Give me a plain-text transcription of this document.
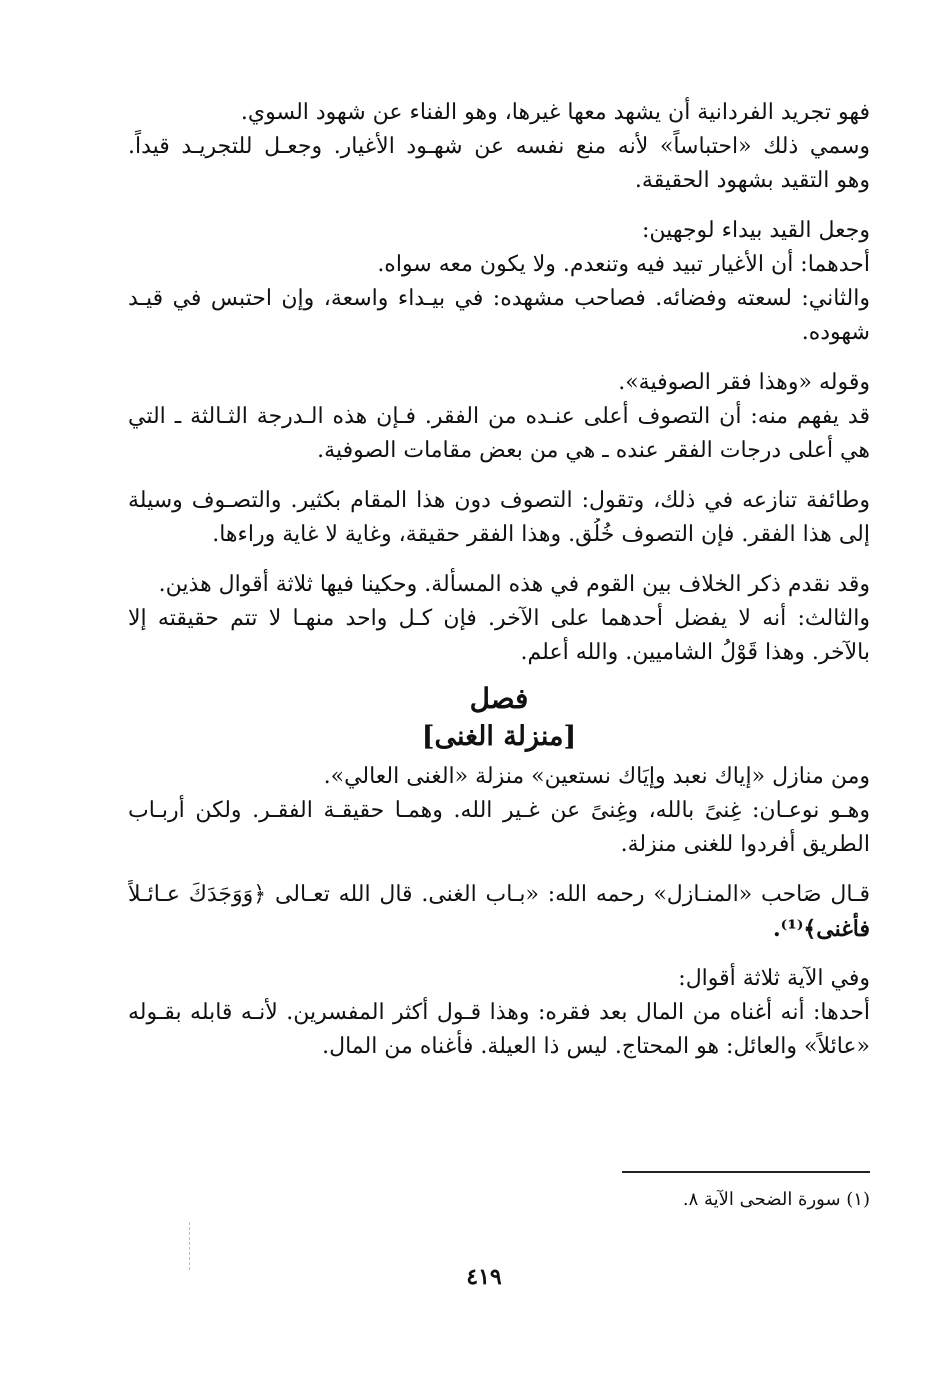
فهو تجريد الفردانية أن يشهد معها غيرها، وهو الفناء عن شهود السوي.
وسمي ذلك «احتباساً» لأنه منع نفسه عن شهـود الأغيار. وجعـل للتجريـد قيداً.
وهو التقيد بشهود الحقيقة.
وجعل القيد بيداء لوجهين:
أحدهما: أن الأغيار تبيد فيه وتنعدم. ولا يكون معه سواه.
والثاني: لسعته وفضائه. فصاحب مشهده: في بيـداء واسعة، وإن احتبس في قيـد
شهوده.
وقوله «وهذا فقر الصوفية».
قد يفهم منه: أن التصوف أعلى عنـده من الفقر. فـإن هذه الـدرجة الثـالثة ـ التي
هي أعلى درجات الفقر عنده ـ هي من بعض مقامات الصوفية.
وطائفة تنازعه في ذلك، وتقول: التصوف دون هذا المقام بكثير. والتصـوف وسيلة
إلى هذا الفقر. فإن التصوف خُلُق. وهذا الفقر حقيقة، وغاية لا غاية وراءها.
وقد نقدم ذكر الخلاف بين القوم في هذه المسألة. وحكينا فيها ثلاثة أقوال هذين.
والثالث: أنه لا يفضل أحدهما على الآخر. فإن كـل واحد منهـا لا تتم حقيقته إلا
بالآخر. وهذا قَوْلُ الشاميين. والله أعلم.
فصل
[منزلة الغنى]
ومن منازل «إياك نعبد وإيَاك نستعين» منزلة «الغنى العالي».
وهـو نوعـان: غِنىً بالله، وغِنىً عن غـير الله. وهمـا حقيقـة الفقـر. ولكن أربـاب
الطريق أفردوا للغنى منزلة.
قـال صَاحب «المنـازل» رحمه الله: «بـاب الغنى. قال الله تعـالى ﴿وَوَجَدَكَ عـائـلاً
فأغنى﴾⁽¹⁾.
وفي الآية ثلاثة أقوال:
أحدها: أنه أغناه من المال بعد فقره: وهذا قـول أكثر المفسرين. لأنـه قابله بقـوله
«عائلاً» والعائل: هو المحتاج. ليس ذا العيلة. فأغناه من المال.
(١) سورة الضحى الآية ٨.
٤١٩
